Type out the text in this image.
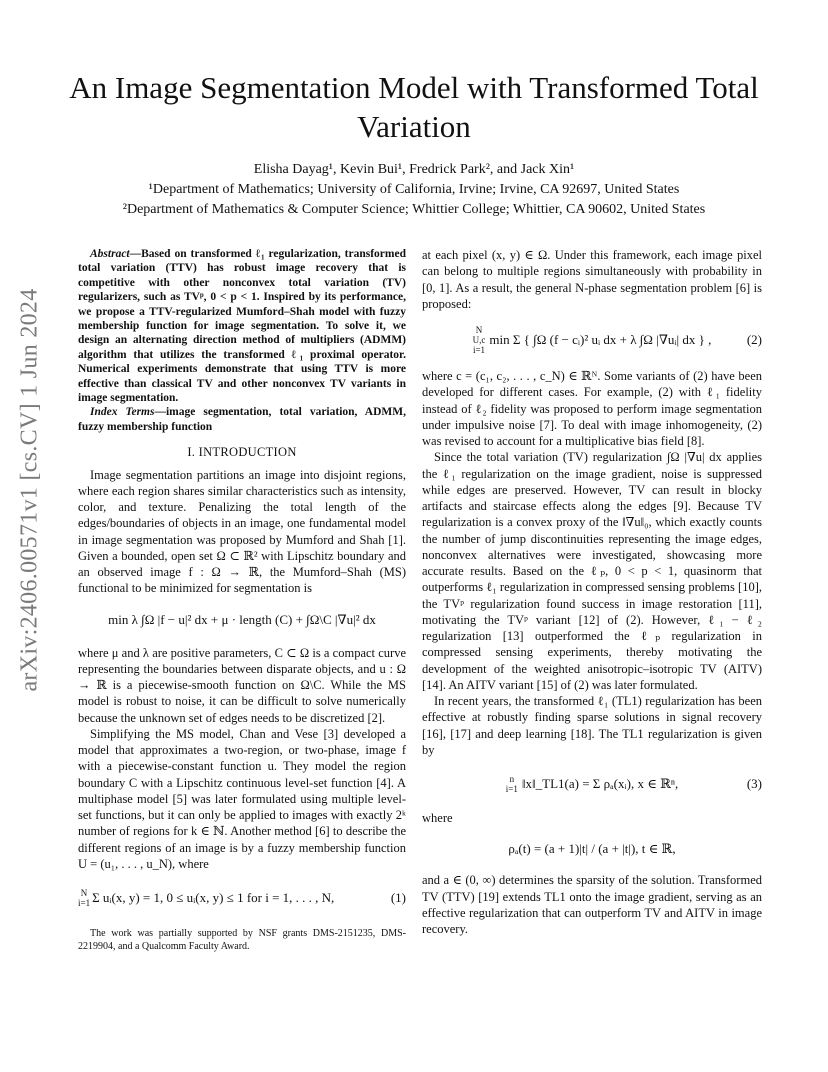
arXiv:2406.00571v1 [cs.CV] 1 Jun 2024
An Image Segmentation Model with Transformed Total Variation
Elisha Dayag¹, Kevin Bui¹, Fredrick Park², and Jack Xin¹
¹Department of Mathematics; University of California, Irvine; Irvine, CA 92697, United States
²Department of Mathematics & Computer Science; Whittier College; Whittier, CA 90602, United States

Abstract—Based on transformed ℓ₁ regularization, transformed total variation (TTV) has robust image recovery that is competitive with other nonconvex total variation (TV) regularizers, such as TVᵖ, 0 < p < 1. Inspired by its performance, we propose a TTV-regularized Mumford–Shah model with fuzzy membership function for image segmentation. To solve it, we design an alternating direction method of multipliers (ADMM) algorithm that utilizes the transformed ℓ₁ proximal operator. Numerical experiments demonstrate that using TTV is more effective than classical TV and other nonconvex TV variants in image segmentation.

Index Terms—image segmentation, total variation, ADMM, fuzzy membership function

I. INTRODUCTION

Image segmentation partitions an image into disjoint regions, where each region shares similar characteristics such as intensity, color, and texture. Penalizing the total length of the edges/boundaries of objects in an image, one fundamental model in image segmentation was proposed by Mumford and Shah [1]. Given a bounded, open set Ω ⊂ ℝ² with Lipschitz boundary and an observed image f : Ω → ℝ, the Mumford–Shah (MS) functional to be minimized for segmentation is

min λ ∫Ω |f − u|² dx + μ · length (C) + ∫Ω\C |∇u|² dx

where μ and λ are positive parameters, C ⊂ Ω is a compact curve representing the boundaries between disparate objects, and u : Ω → ℝ is a piecewise-smooth function on Ω\C. While the MS model is robust to noise, it can be difficult to solve numerically because the unknown set of edges needs to be discretized [2].

Simplifying the MS model, Chan and Vese [3] developed a model that approximates a two-region, or two-phase, image f with a piecewise-constant function u. They model the region boundary C with a Lipschitz continuous level-set function [4]. A multiphase model [5] was later formulated using multiple level-set functions, but it can only be applied to images with exactly 2ᵏ number of regions for k ∈ ℕ. Another method [6] to describe the different regions of an image is by a fuzzy membership function U = (u₁, . . . , u_N), where

N
i=1 Σ uᵢ(x, y) = 1, 0 ≤ uᵢ(x, y) ≤ 1 for i = 1, . . . , N,	(1)
The work was partially supported by NSF grants DMS-2151235, DMS-2219904, and a Qualcomm Faculty Award.

at each pixel (x, y) ∈ Ω. Under this framework, each image pixel can belong to multiple regions simultaneously with probability in [0, 1]. As a result, the general N-phase segmentation problem [6] is proposed:

N
U,c
i=1
min Σ { ∫Ω (f − cᵢ)² uᵢ dx + λ ∫Ω |∇uᵢ| dx } ,	(2)

where c = (c₁, c₂, . . . , c_N) ∈ ℝᴺ. Some variants of (2) have been developed for different cases. For example, (2) with ℓ₁ fidelity instead of ℓ₂ fidelity was proposed to perform image segmentation under impulsive noise [7]. To deal with image inhomogeneity, (2) was revised to account for a multiplicative bias field [8].

Since the total variation (TV) regularization ∫Ω |∇u| dx applies the ℓ₁ regularization on the image gradient, noise is suppressed while edges are preserved. However, TV can result in blocky artifacts and staircase effects along the edges [9]. Because TV regularization is a convex proxy of the ‖∇u‖₀, which exactly counts the number of jump discontinuities representing the image edges, nonconvex alternatives were investigated, showcasing more accurate results. Based on the ℓₚ, 0 < p < 1, quasinorm that outperforms ℓ₁ regularization in compressed sensing problems [10], the TVᵖ regularization found success in image restoration [11], motivating the TVᵖ variant [12] of (2). However, ℓ₁ − ℓ₂ regularization [13] outperformed the ℓₚ regularization in compressed sensing experiments, thereby motivating the development of the weighted anisotropic–isotropic TV (AITV) [14]. An AITV variant [15] of (2) was later formulated.

In recent years, the transformed ℓ₁ (TL1) regularization has been effective at robustly finding sparse solutions in signal recovery [16], [17] and deep learning [18]. The TL1 regularization is given by

n
i=1 ‖x‖_TL1(a) = Σ ρₐ(xᵢ), x ∈ ℝⁿ,	(3)

where

ρₐ(t) = (a + 1)|t| / (a + |t|), t ∈ ℝ,

and a ∈ (0, ∞) determines the sparsity of the solution. Transformed TV (TTV) [19] extends TL1 onto the image gradient, serving as an effective regularization that can outperform TV and AITV in image recovery.
